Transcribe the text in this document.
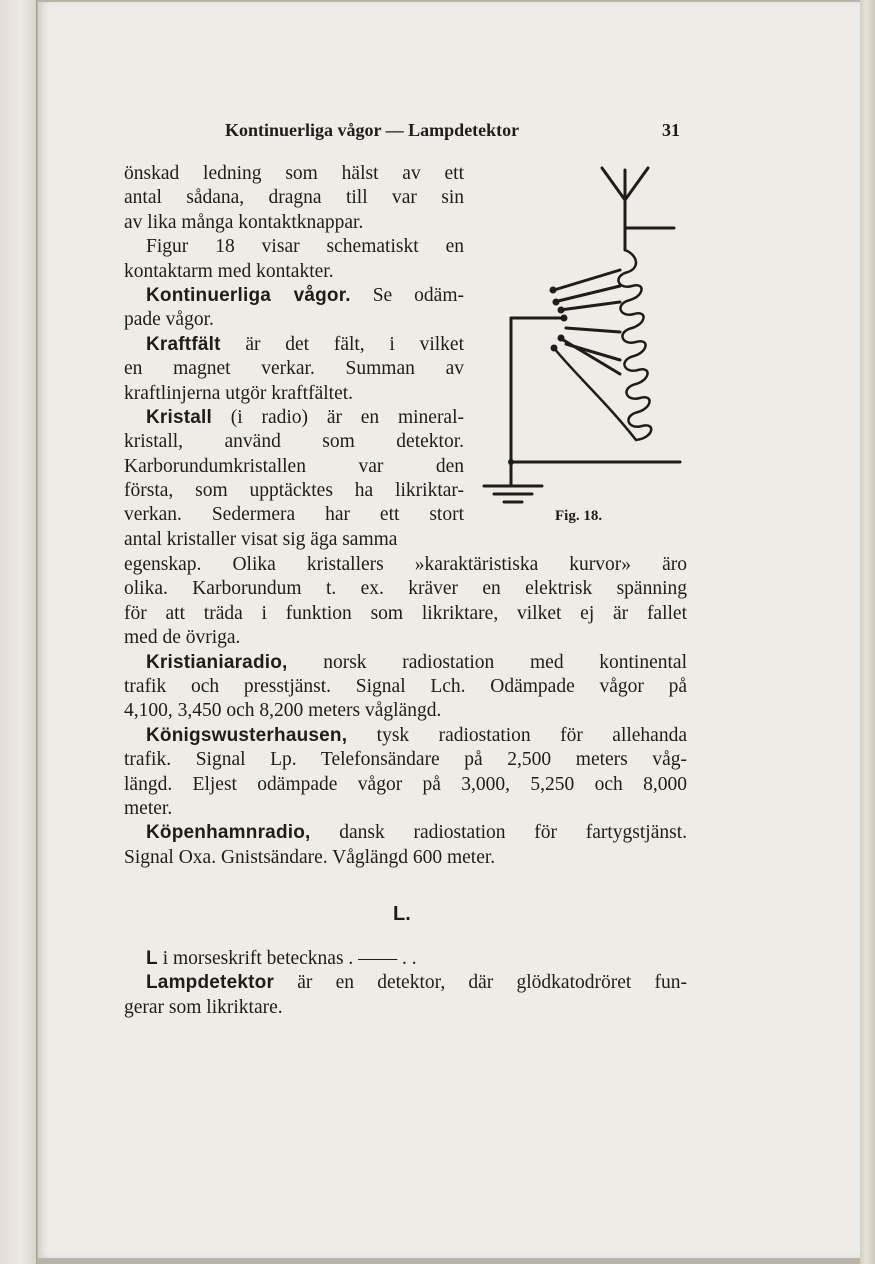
Kontinuerliga vågor — Lampdetektor	31
önskad ledning som hälst av ett
antal sådana, dragna till var sin
av lika många kontaktknappar.
Figur 18 visar schematiskt en
kontaktarm med kontakter.
Kontinuerliga vågor. Se odäm-
pade vågor.
Kraftfält är det fält, i vilket
en magnet verkar. Summan av
kraftlinjerna utgör kraftfältet.
Kristall (i radio) är en mineral-
kristall, använd som detektor.
Karborundumkristallen var den
första, som upptäcktes ha likriktar-
verkan. Sedermera har ett stort
antal kristaller visat sig äga samma
Fig. 18.
egenskap. Olika kristallers »karaktäristiska kurvor» äro
olika. Karborundum t. ex. kräver en elektrisk spänning
för att träda i funktion som likriktare, vilket ej är fallet
med de övriga.
Kristianiaradio, norsk radiostation med kontinental
trafik och presstjänst. Signal Lch. Odämpade vågor på
4,100, 3,450 och 8,200 meters våglängd.
Königswusterhausen, tysk radiostation för allehanda
trafik. Signal Lp. Telefonsändare på 2,500 meters våg-
längd. Eljest odämpade vågor på 3,000, 5,250 och 8,000
meter.
Köpenhamnradio, dansk radiostation för fartygstjänst.
Signal Oxa. Gnistsändare. Våglängd 600 meter.
L.
L i morseskrift betecknas . —— . .
Lampdetektor är en detektor, där glödkatodröret fun-
gerar som likriktare.
